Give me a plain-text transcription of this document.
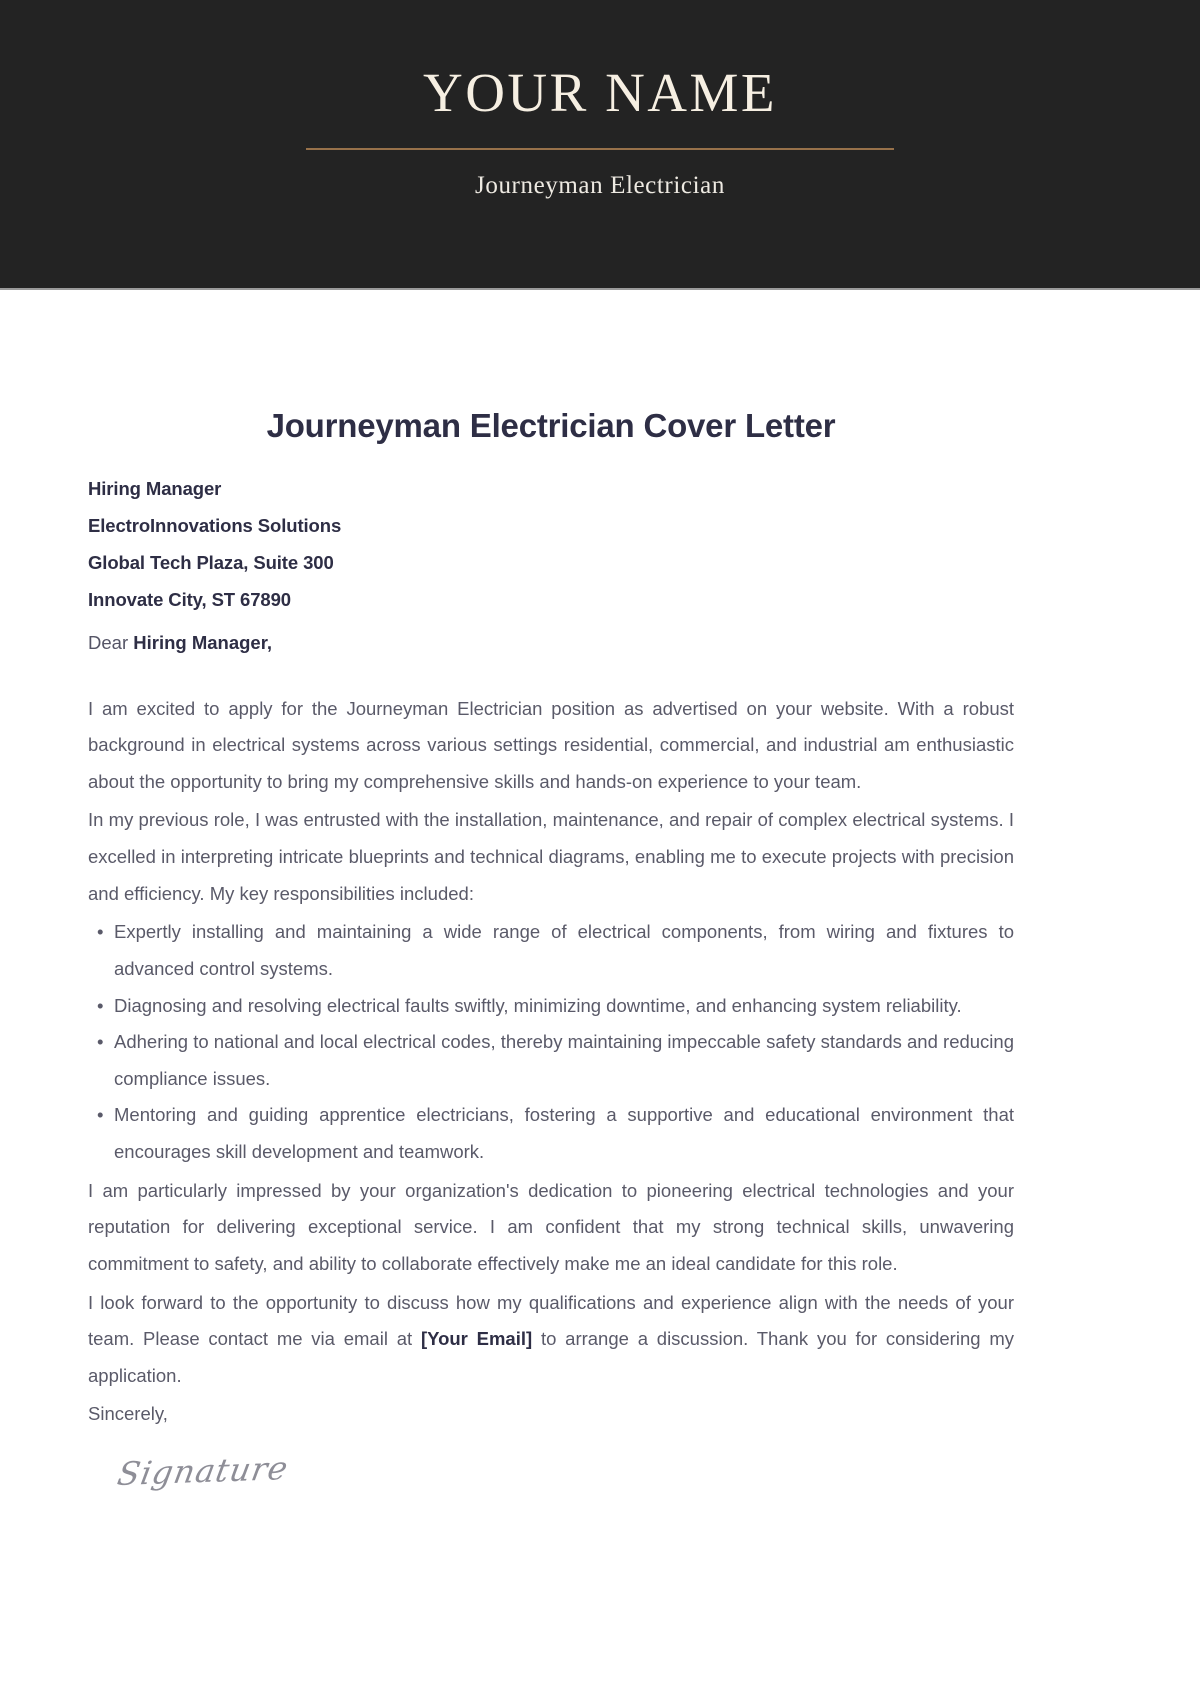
YOUR NAME
Journeyman Electrician
Journeyman Electrician Cover Letter
Hiring Manager
ElectroInnovations Solutions
Global Tech Plaza, Suite 300
Innovate City, ST 67890
Dear Hiring Manager,

I am excited to apply for the Journeyman Electrician position as advertised on your website. With a robust background in electrical systems across various settings residential, commercial, and industrial am enthusiastic about the opportunity to bring my comprehensive skills and hands-on experience to your team.

In my previous role, I was entrusted with the installation, maintenance, and repair of complex electrical systems. I excelled in interpreting intricate blueprints and technical diagrams, enabling me to execute projects with precision and efficiency. My key responsibilities included:

• Expertly installing and maintaining a wide range of electrical components, from wiring and fixtures to advanced control systems.
• Diagnosing and resolving electrical faults swiftly, minimizing downtime, and enhancing system reliability.
• Adhering to national and local electrical codes, thereby maintaining impeccable safety standards and reducing compliance issues.
• Mentoring and guiding apprentice electricians, fostering a supportive and educational environment that encourages skill development and teamwork.

I am particularly impressed by your organization's dedication to pioneering electrical technologies and your reputation for delivering exceptional service. I am confident that my strong technical skills, unwavering commitment to safety, and ability to collaborate effectively make me an ideal candidate for this role.

I look forward to the opportunity to discuss how my qualifications and experience align with the needs of your team. Please contact me via email at [Your Email] to arrange a discussion. Thank you for considering my application.

Sincerely,
Signature
